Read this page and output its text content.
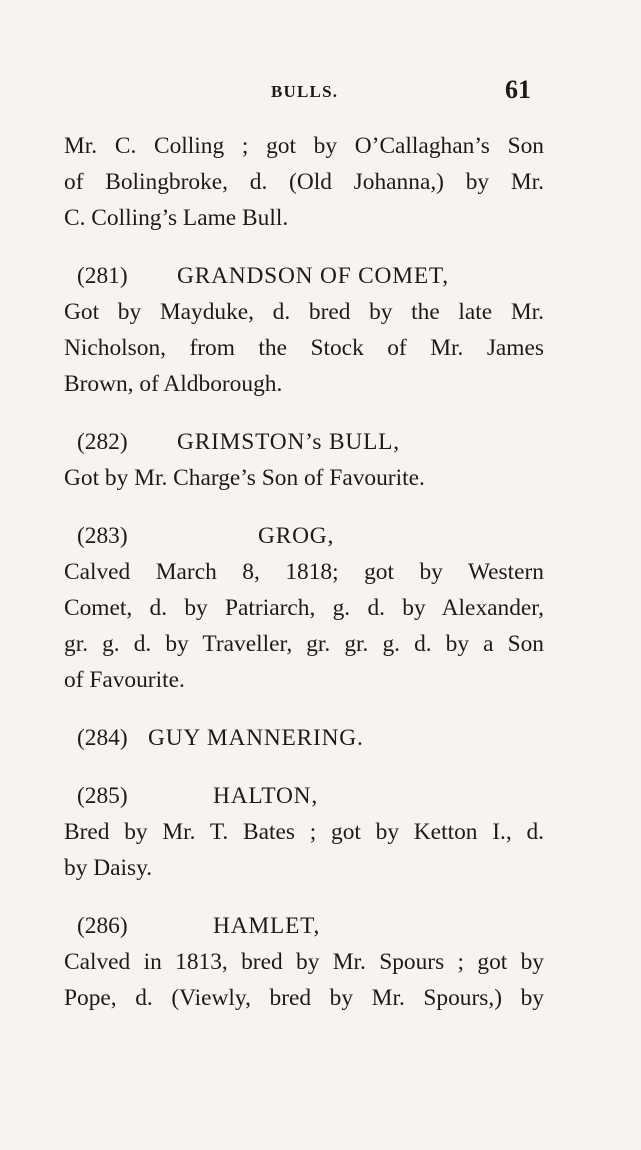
BULLS.	61
Mr. C. Colling ; got by O’Callaghan’s Son
of Bolingbroke, d. (Old Johanna,) by Mr.
C. Colling’s Lame Bull.
(281) GRANDSON OF COMET,
Got by Mayduke, d. bred by the late Mr.
Nicholson, from the Stock of Mr. James
Brown, of Aldborough.
(282) GRIMSTON’s BULL,
Got by Mr. Charge’s Son of Favourite.
(283)	GROG,
Calved March 8, 1818; got by Western
Comet, d. by Patriarch, g. d. by Alexander,
gr. g. d. by Traveller, gr. gr. g. d. by a Son
of Favourite.
(284) GUY MANNERING.
(285)	HALTON,
Bred by Mr. T. Bates ; got by Ketton I., d.
by Daisy.
(286)	HAMLET,
Calved in 1813, bred by Mr. Spours ; got by
Pope, d. (Viewly, bred by Mr. Spours,) by
